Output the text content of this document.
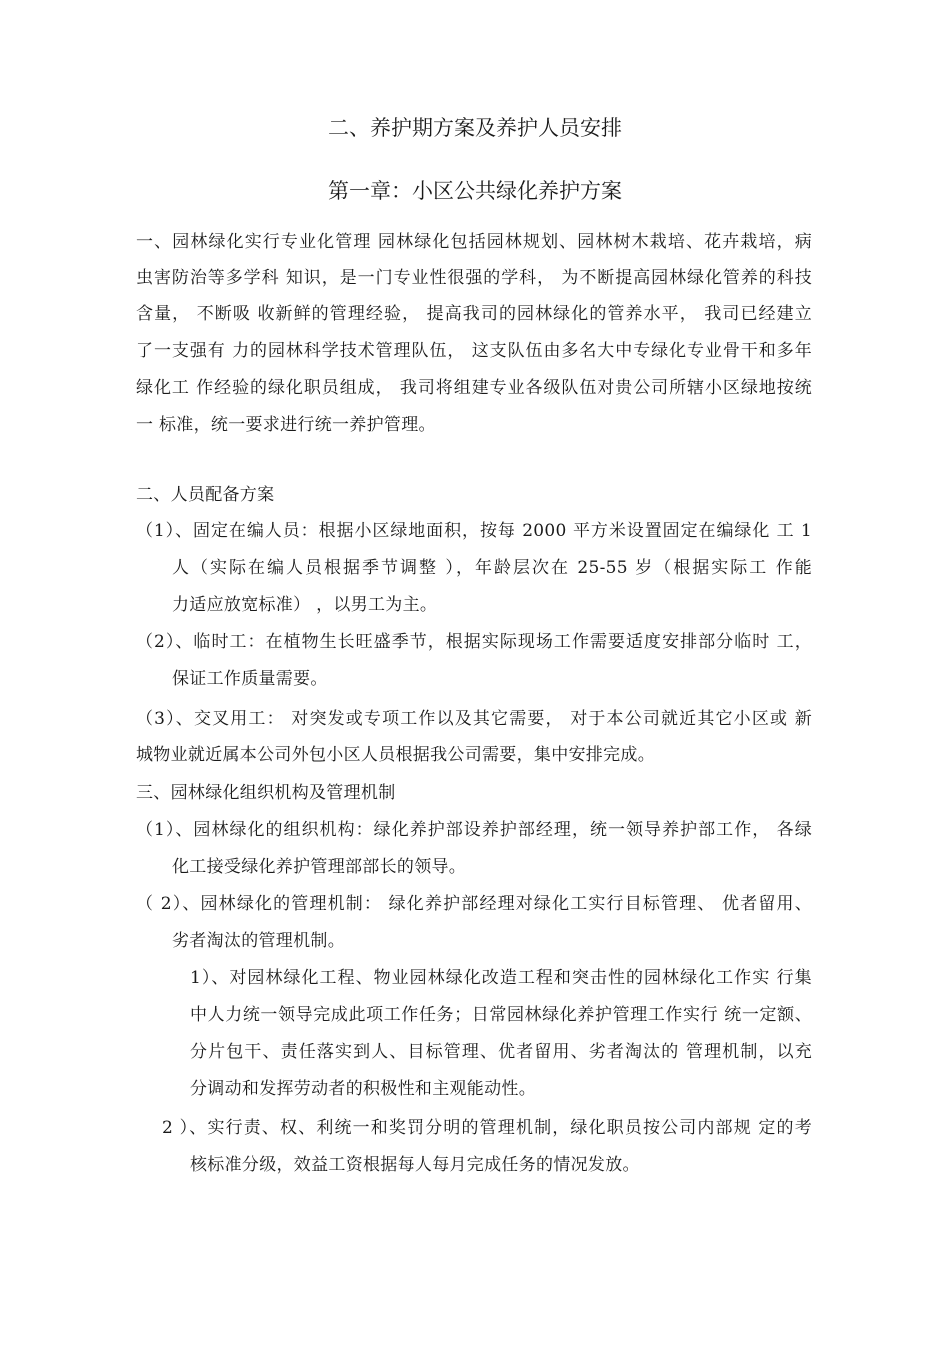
二、养护期方案及养护人员安排
第一章：小区公共绿化养护方案
一、园林绿化实行专业化管理 园林绿化包括园林规划、园林树木栽培、花卉栽培，病
虫害防治等多学科 知识，是一门专业性很强的学科， 为不断提高园林绿化管养的科技
含量， 不断吸 收新鲜的管理经验， 提高我司的园林绿化的管养水平， 我司已经建立
了一支强有 力的园林科学技术管理队伍， 这支队伍由多名大中专绿化专业骨干和多年
绿化工 作经验的绿化职员组成， 我司将组建专业各级队伍对贵公司所辖小区绿地按统
一 标准，统一要求进行统一养护管理。
二、人员配备方案
（1）、固定在编人员：根据小区绿地面积，按每 2000 平方米设置固定在编绿化 工 1
人（实际在编人员根据季节调整 ），年龄层次在 25-55 岁（根据实际工 作能
力适应放宽标准） ，以男工为主。
（2）、临时工：在植物生长旺盛季节，根据实际现场工作需要适度安排部分临时 工，
保证工作质量需要。
（3）、交叉用工： 对突发或专项工作以及其它需要， 对于本公司就近其它小区或 新
城物业就近属本公司外包小区人员根据我公司需要，集中安排完成。
三、园林绿化组织机构及管理机制
（1）、园林绿化的组织机构：绿化养护部设养护部经理，统一领导养护部工作， 各绿
化工接受绿化养护管理部部长的领导。
（ 2）、园林绿化的管理机制： 绿化养护部经理对绿化工实行目标管理、 优者留用、
劣者淘汰的管理机制。
1）、对园林绿化工程、物业园林绿化改造工程和突击性的园林绿化工作实 行集
中人力统一领导完成此项工作任务；日常园林绿化养护管理工作实行 统一定额、
分片包干、责任落实到人、目标管理、优者留用、劣者淘汰的 管理机制，以充
分调动和发挥劳动者的积极性和主观能动性。
2 ）、实行责、权、利统一和奖罚分明的管理机制，绿化职员按公司内部规 定的考
核标准分级，效益工资根据每人每月完成任务的情况发放。
